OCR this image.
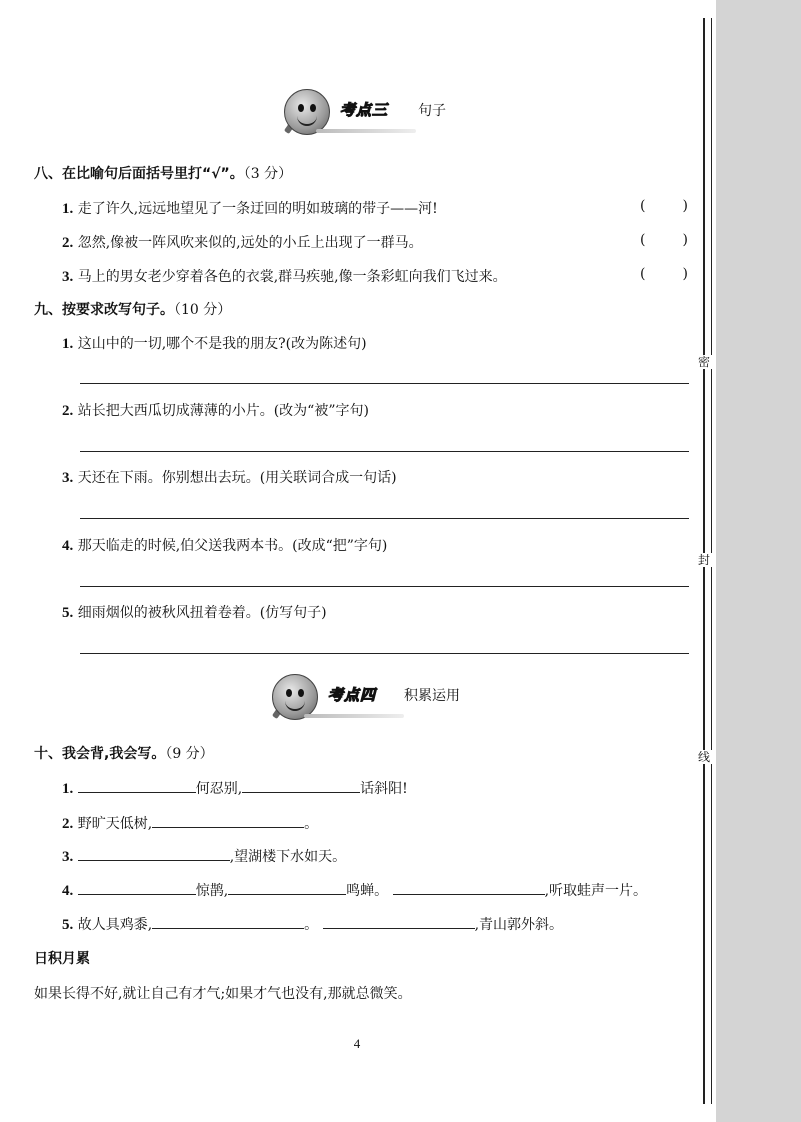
密
封
线
考点三 句子
八、在比喻句后面括号里打“√”。（3 分）
1. 走了许久,远远地望见了一条迂回的明如玻璃的带子——河!	(	)
2. 忽然,像被一阵风吹来似的,远处的小丘上出现了一群马。	(	)
3. 马上的男女老少穿着各色的衣裳,群马疾驰,像一条彩虹向我们飞过来。	(	)
九、按要求改写句子。（10 分）
1. 这山中的一切,哪个不是我的朋友?(改为陈述句)
2. 站长把大西瓜切成薄薄的小片。(改为“被”字句)
3. 天还在下雨。你别想出去玩。(用关联词合成一句话)
4. 那天临走的时候,伯父送我两本书。(改成“把”字句)
5. 细雨烟似的被秋风扭着卷着。(仿写句子)
考点四 积累运用
十、我会背,我会写。（9 分）
1.	何忍别,	话斜阳!
2. 野旷天低树,	。
3.	,望湖楼下水如天。
4.	惊鹊,	鸣蝉。	,听取蛙声一片。
5. 故人具鸡黍,	。	,青山郭外斜。
日积月累
如果长得不好,就让自己有才气;如果才气也没有,那就总微笑。
4
